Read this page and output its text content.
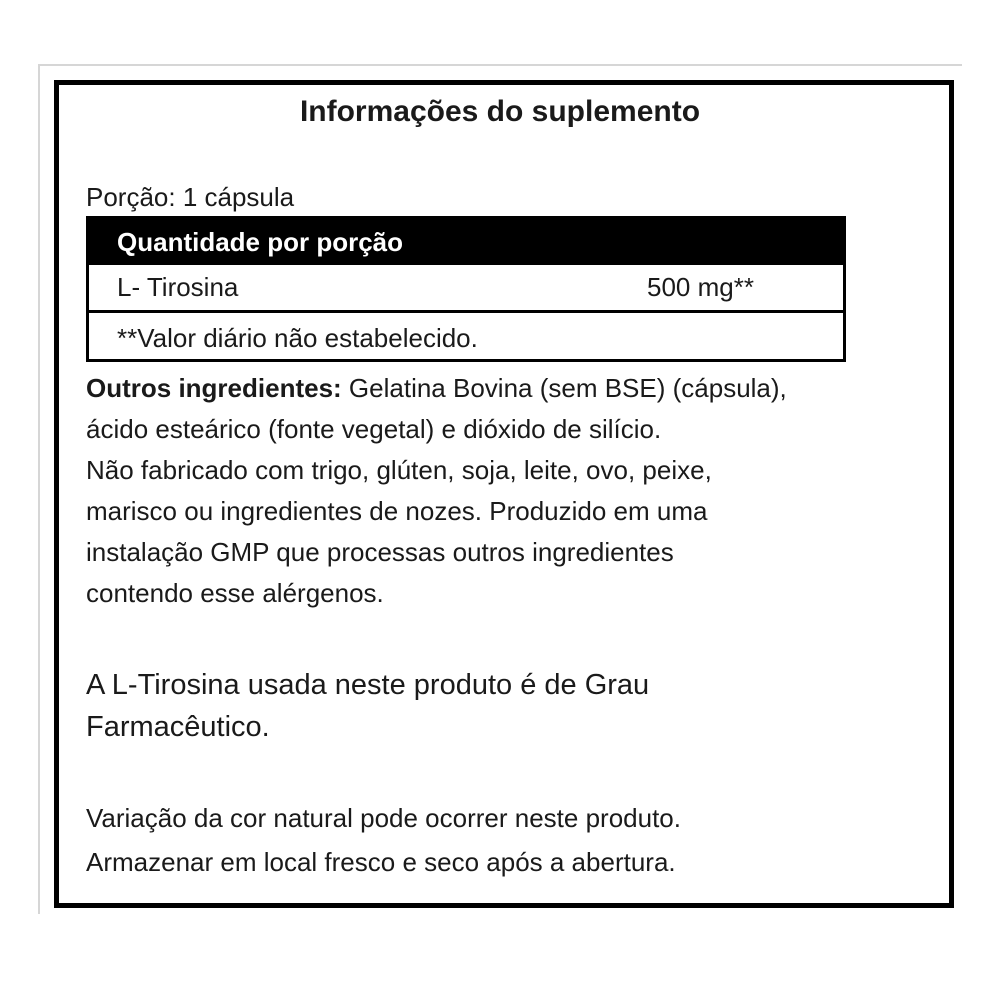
Informações do suplemento
Porção: 1 cápsula
Quantidade por porção
L- Tirosina	500 mg**
**Valor diário não estabelecido.

Outros ingredientes: Gelatina Bovina (sem BSE) (cápsula),

ácido esteárico (fonte vegetal) e dióxido de silício.

Não fabricado com trigo, glúten, soja, leite, ovo, peixe,

marisco ou ingredientes de nozes. Produzido em uma

instalação GMP que processas outros ingredientes

contendo esse alérgenos.

A L-Tirosina usada neste produto é de Grau

Farmacêutico.

Variação da cor natural pode ocorrer neste produto.

Armazenar em local fresco e seco após a abertura.
